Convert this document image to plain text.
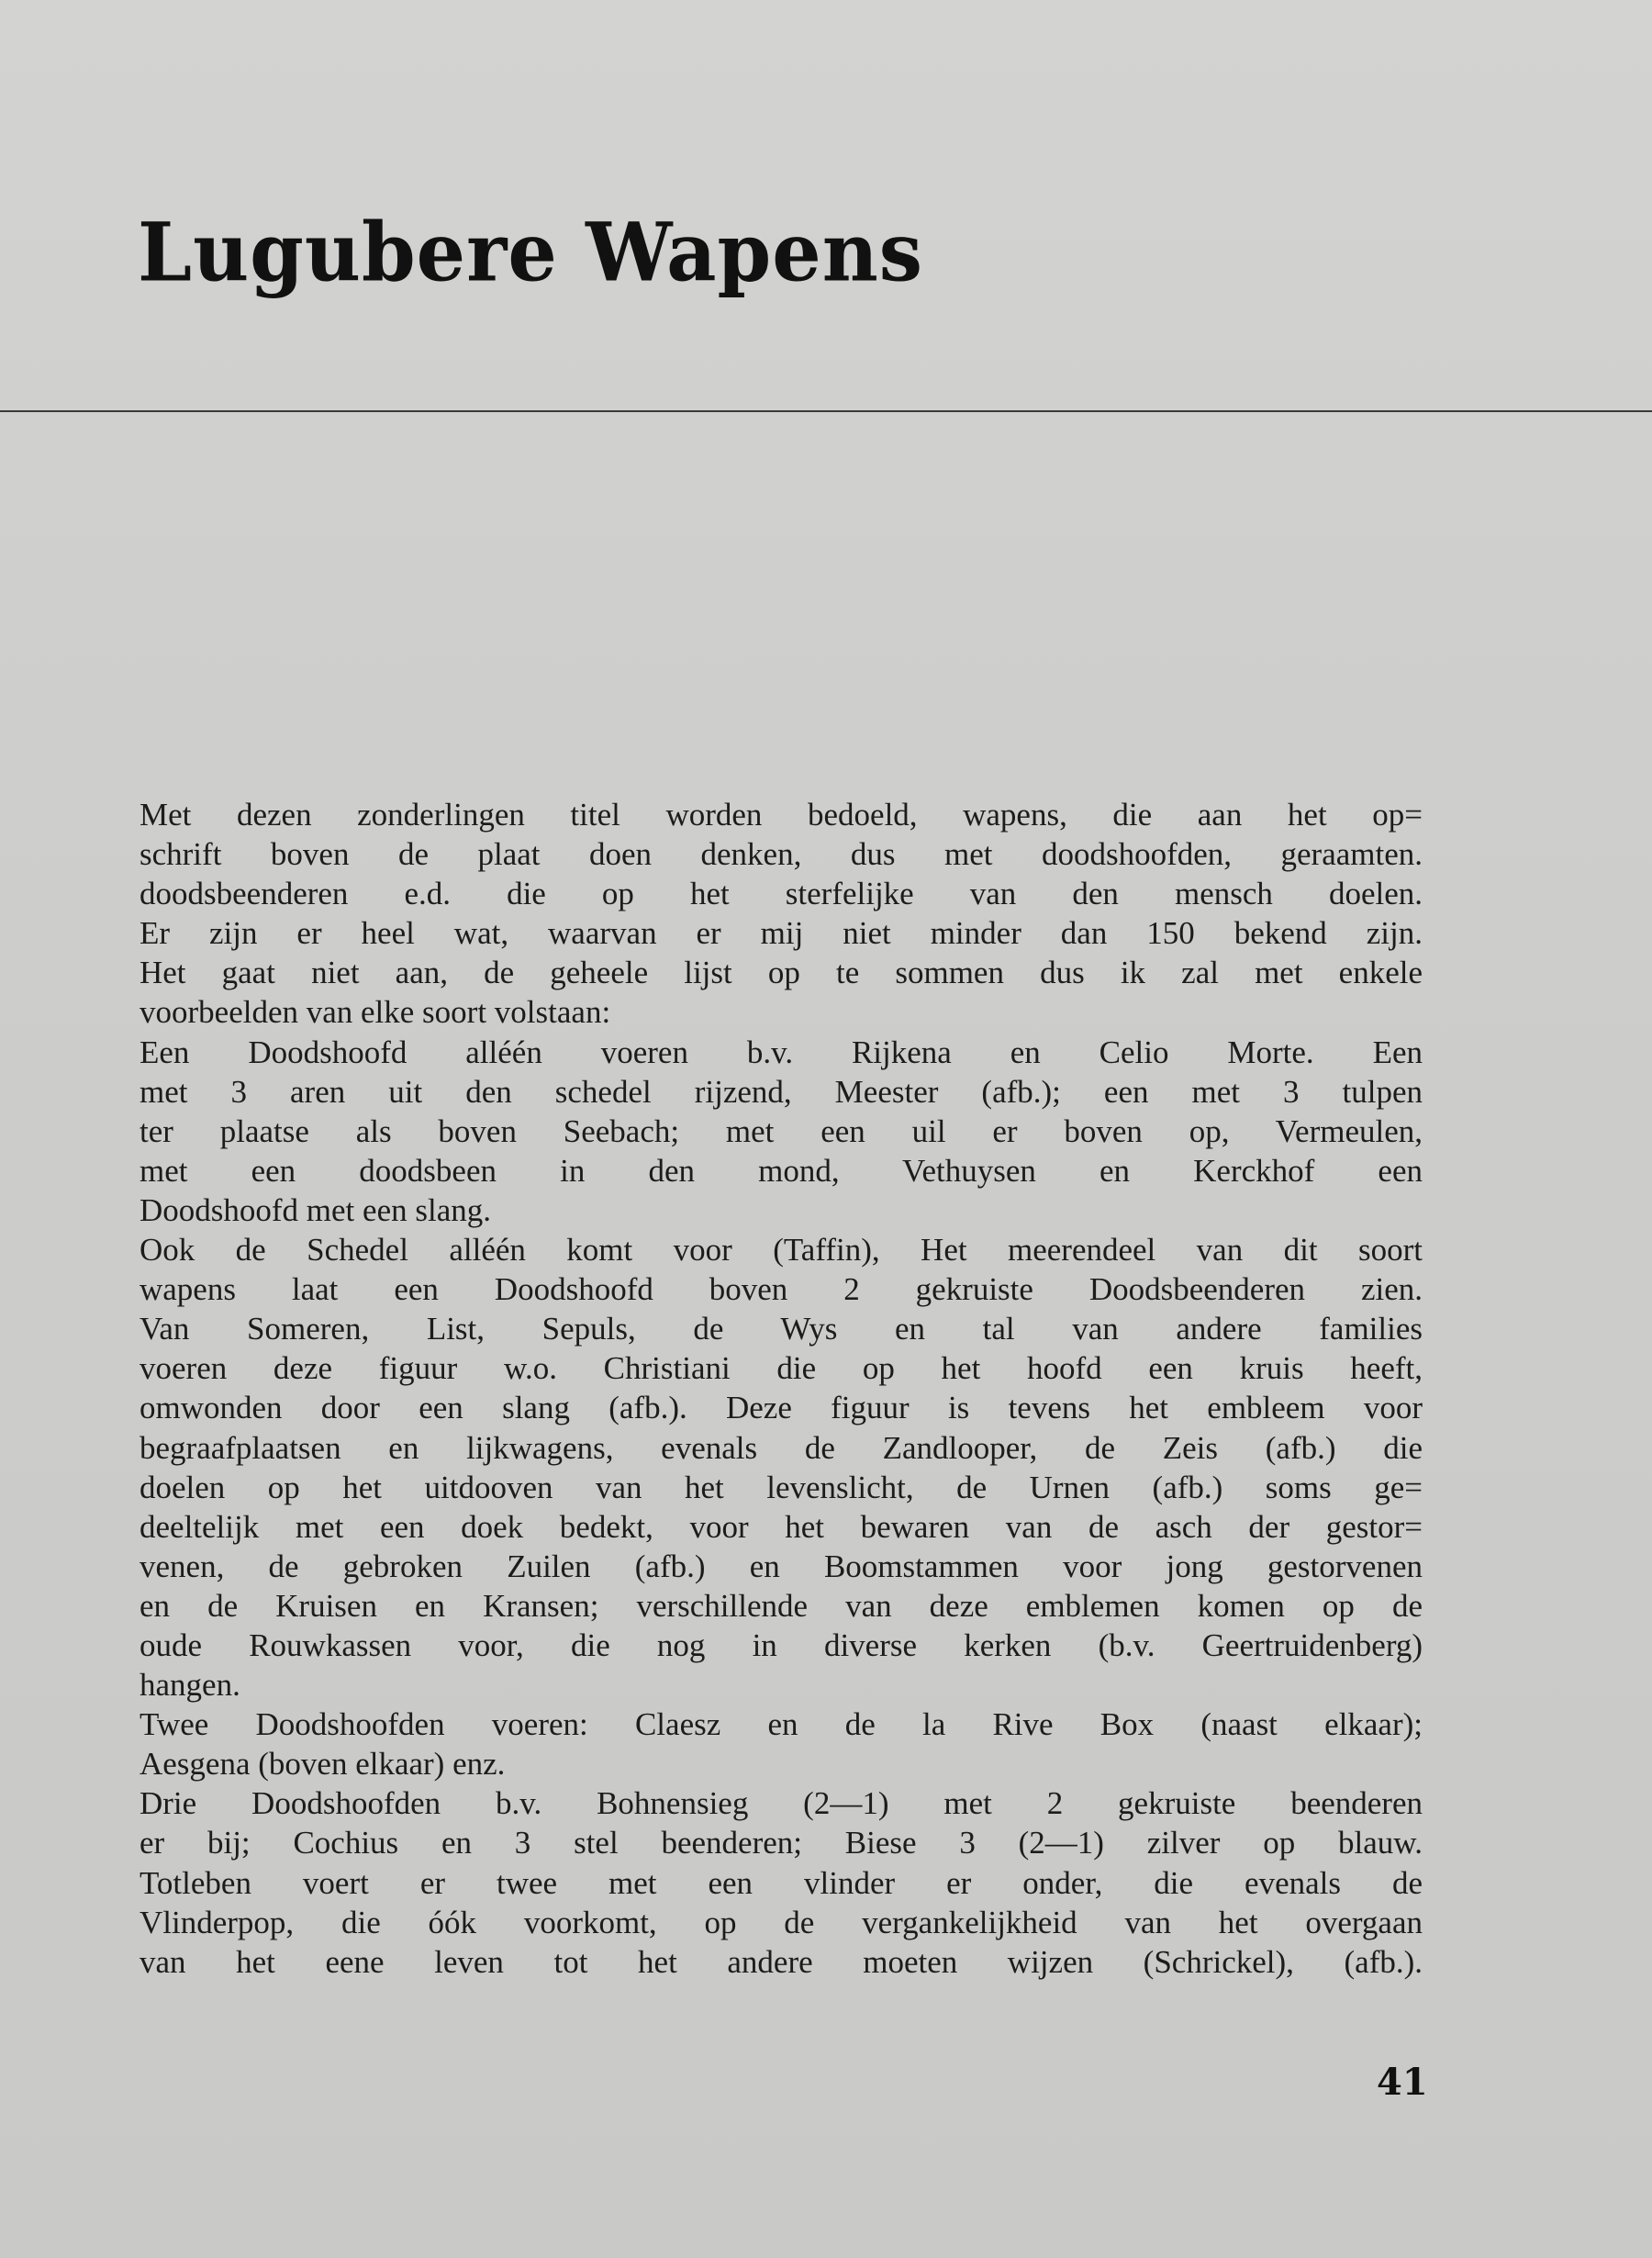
Lugubere Wapens
Met dezen zonderlingen titel worden bedoeld, wapens, die aan het op=
schrift boven de plaat doen denken, dus met doodshoofden, geraamten.
doodsbeenderen e.d. die op het sterfelijke van den mensch doelen.
Er zijn er heel wat, waarvan er mij niet minder dan 150 bekend zijn.
Het gaat niet aan, de geheele lijst op te sommen dus ik zal met enkele
voorbeelden van elke soort volstaan:
Een Doodshoofd alléén voeren b.v. Rijkena en Celio Morte. Een
met 3 aren uit den schedel rijzend, Meester (afb.); een met 3 tulpen
ter plaatse als boven Seebach; met een uil er boven op, Vermeulen,
met een doodsbeen in den mond, Vethuysen en Kerckhof een
Doodshoofd met een slang.
Ook de Schedel alléén komt voor (Taffin), Het meerendeel van dit soort
wapens laat een Doodshoofd boven 2 gekruiste Doodsbeenderen zien.
Van Someren, List, Sepuls, de Wys en tal van andere families
voeren deze figuur w.o. Christiani die op het hoofd een kruis heeft,
omwonden door een slang (afb.). Deze figuur is tevens het embleem voor
begraafplaatsen en lijkwagens, evenals de Zandlooper, de Zeis (afb.) die
doelen op het uitdooven van het levenslicht, de Urnen (afb.) soms ge=
deeltelijk met een doek bedekt, voor het bewaren van de asch der gestor=
venen, de gebroken Zuilen (afb.) en Boomstammen voor jong gestorvenen
en de Kruisen en Kransen; verschillende van deze emblemen komen op de
oude Rouwkassen voor, die nog in diverse kerken (b.v. Geertruidenberg)
hangen.
Twee Doodshoofden voeren: Claesz en de la Rive Box (naast elkaar);
Aesgena (boven elkaar) enz.
Drie Doodshoofden b.v. Bohnensieg (2—1) met 2 gekruiste beenderen
er bij; Cochius en 3 stel beenderen; Biese 3 (2—1) zilver op blauw.
Totleben voert er twee met een vlinder er onder, die evenals de
Vlinderpop, die óók voorkomt, op de vergankelijkheid van het overgaan
van het eene leven tot het andere moeten wijzen (Schrickel), (afb.).
41
